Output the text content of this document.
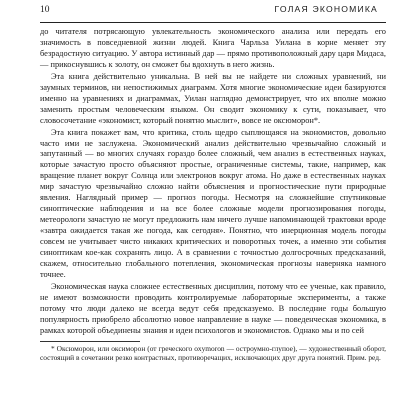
10	ГОЛАЯ ЭКОНОМИКА

до читателя потрясающую увлекательность экономического анализа или передать его значимость в повседневной жизни людей. Книга Чарльза Уилана в корне меняет эту безрадостную ситуацию. У автора истинный дар — прямо противоположный дару царя Мидаса, — прикоснувшись к золоту, он сможет бы вдохнуть в него жизнь.

Эта книга действительно уникальна. В ней вы не найдете ни сложных уравнений, ни заумных терминов, ни непостижимых диаграмм. Хотя многие экономические идеи базируются именно на уравнениях и диаграммах, Уилан наглядно демонстрирует, что их вполне можно заменить простым человеческим языком. Он сводит экономику к сути, показывает, что словосочетание «экономист, который понятно мыслит», вовсе не оксюморон*.

Эта книга покажет вам, что критика, столь щедро сыплющаяся на экономистов, довольно часто ими не заслужена. Экономический анализ действительно чрезвычайно сложный и запутанный — во многих случаях гораздо более сложный, чем анализ в естественных науках, которые зачастую просто объясняют простые, ограниченные системы, такие, например, как вращение планет вокруг Солнца или электронов вокруг атома. Но даже в естественных науках мир зачастую чрезвычайно сложно найти объяснения и прогностические пути природные явления. Наглядный пример — прогноз погоды. Несмотря на сложнейшие спутниковые синоптические наблюдения и на все более сложные модели прогнозирования погоды, метеорологи зачастую не могут предложить нам ничего лучше напоминающей трактовки вроде «завтра ожидается такая же погода, как сегодня». Понятно, что инерционная модель погоды совсем не учитывает чисто никаких критических и поворотных точек, а именно эти события синоптикам кое-как сохранять лицо. А в сравнении с точностью долгосрочных предсказаний, скажем, относительно глобального потепления, экономическая прогнозы наверняка намного точнее.

Экономическая наука сложнее естественных дисциплин, потому что ее ученые, как правило, не имеют возможности проводить контролируемые лабораторные эксперименты, а также потому что люди далеко не всегда ведут себя предсказуемо. В последние годы большую популярность приобрело абсолютно новое направление в науке — поведенческая экономика, в рамках которой объединены знания и идеи психологов и экономистов. Однако мы и по сей

* Оксюморон, или оксиморон (от греческого oxymoron — остроумно-глупое), — художественный оборот, состоящий в сочетании резко контрастных, противоречащих, исключающих друг друга понятий. Прим. ред.
